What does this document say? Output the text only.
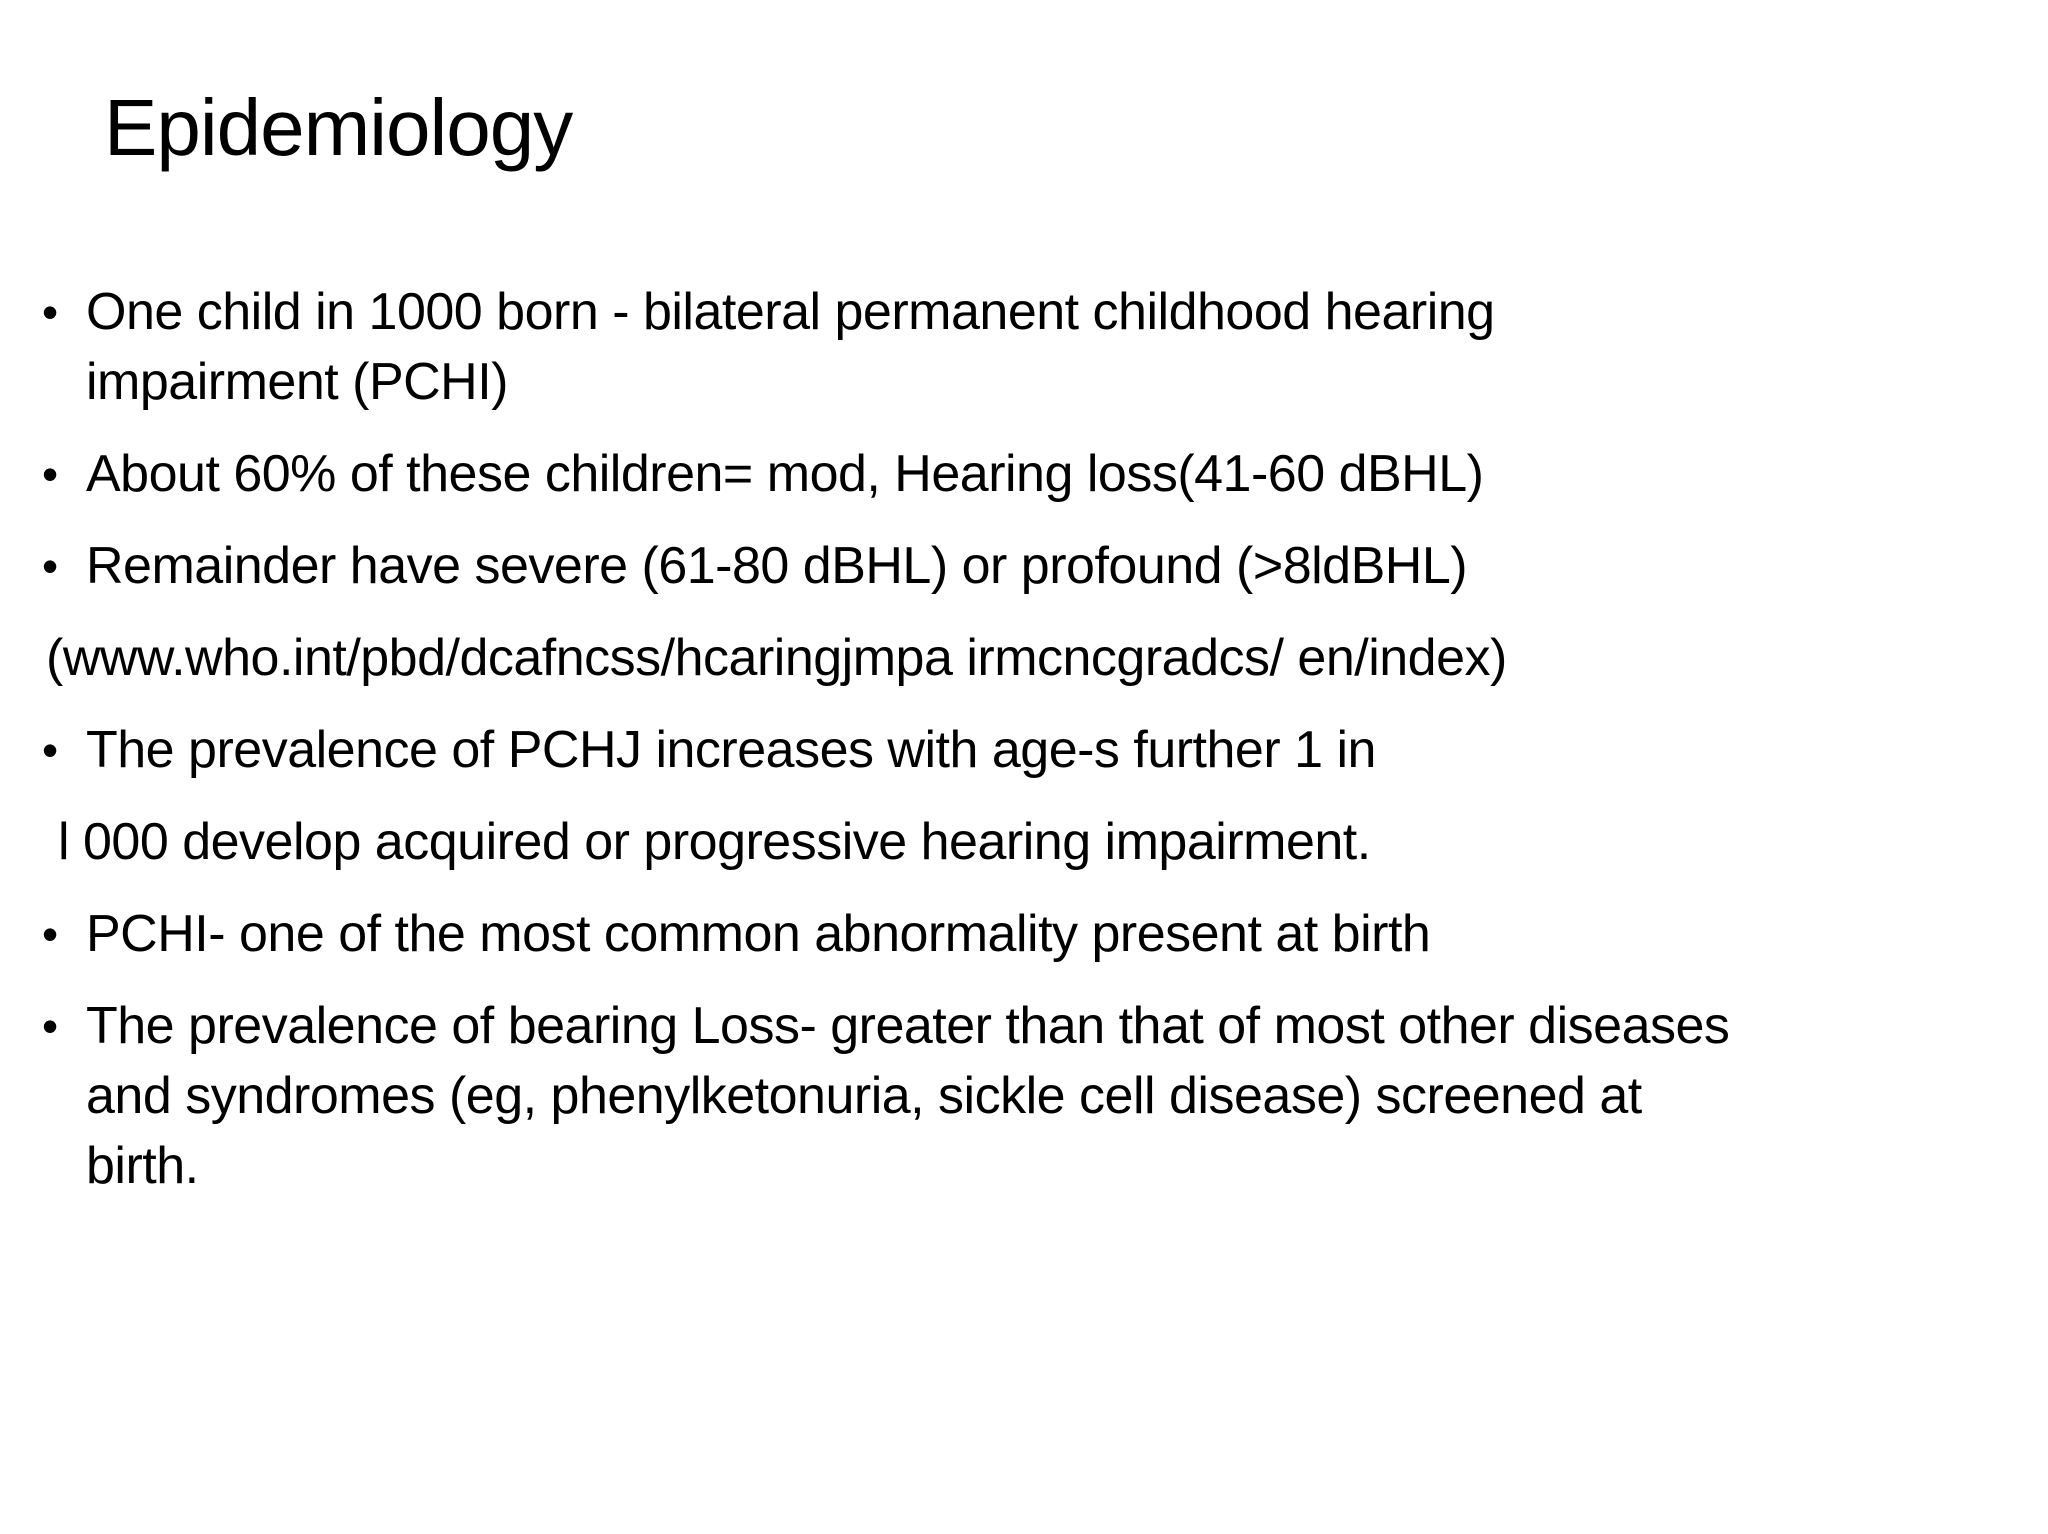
Epidemiology
• One child in 1000 born - bilateral permanent childhood hearing
impairment (PCHI)
• About 60% of these children= mod, Hearing loss(41-60 dBHL)
• Remainder have severe (61-80 dBHL) or profound (>8ldBHL)
(www.who.int/pbd/dcafncss/hcaringjmpa irmcncgradcs/ en/index)
• The prevalence of PCHJ increases with age-s further 1 in
l 000 develop acquired or progressive hearing impairment.
• PCHI- one of the most common abnormality present at birth
• The prevalence of bearing Loss- greater than that of most other diseases
and syndromes (eg, phenylketonuria, sickle cell disease) screened at
birth.
